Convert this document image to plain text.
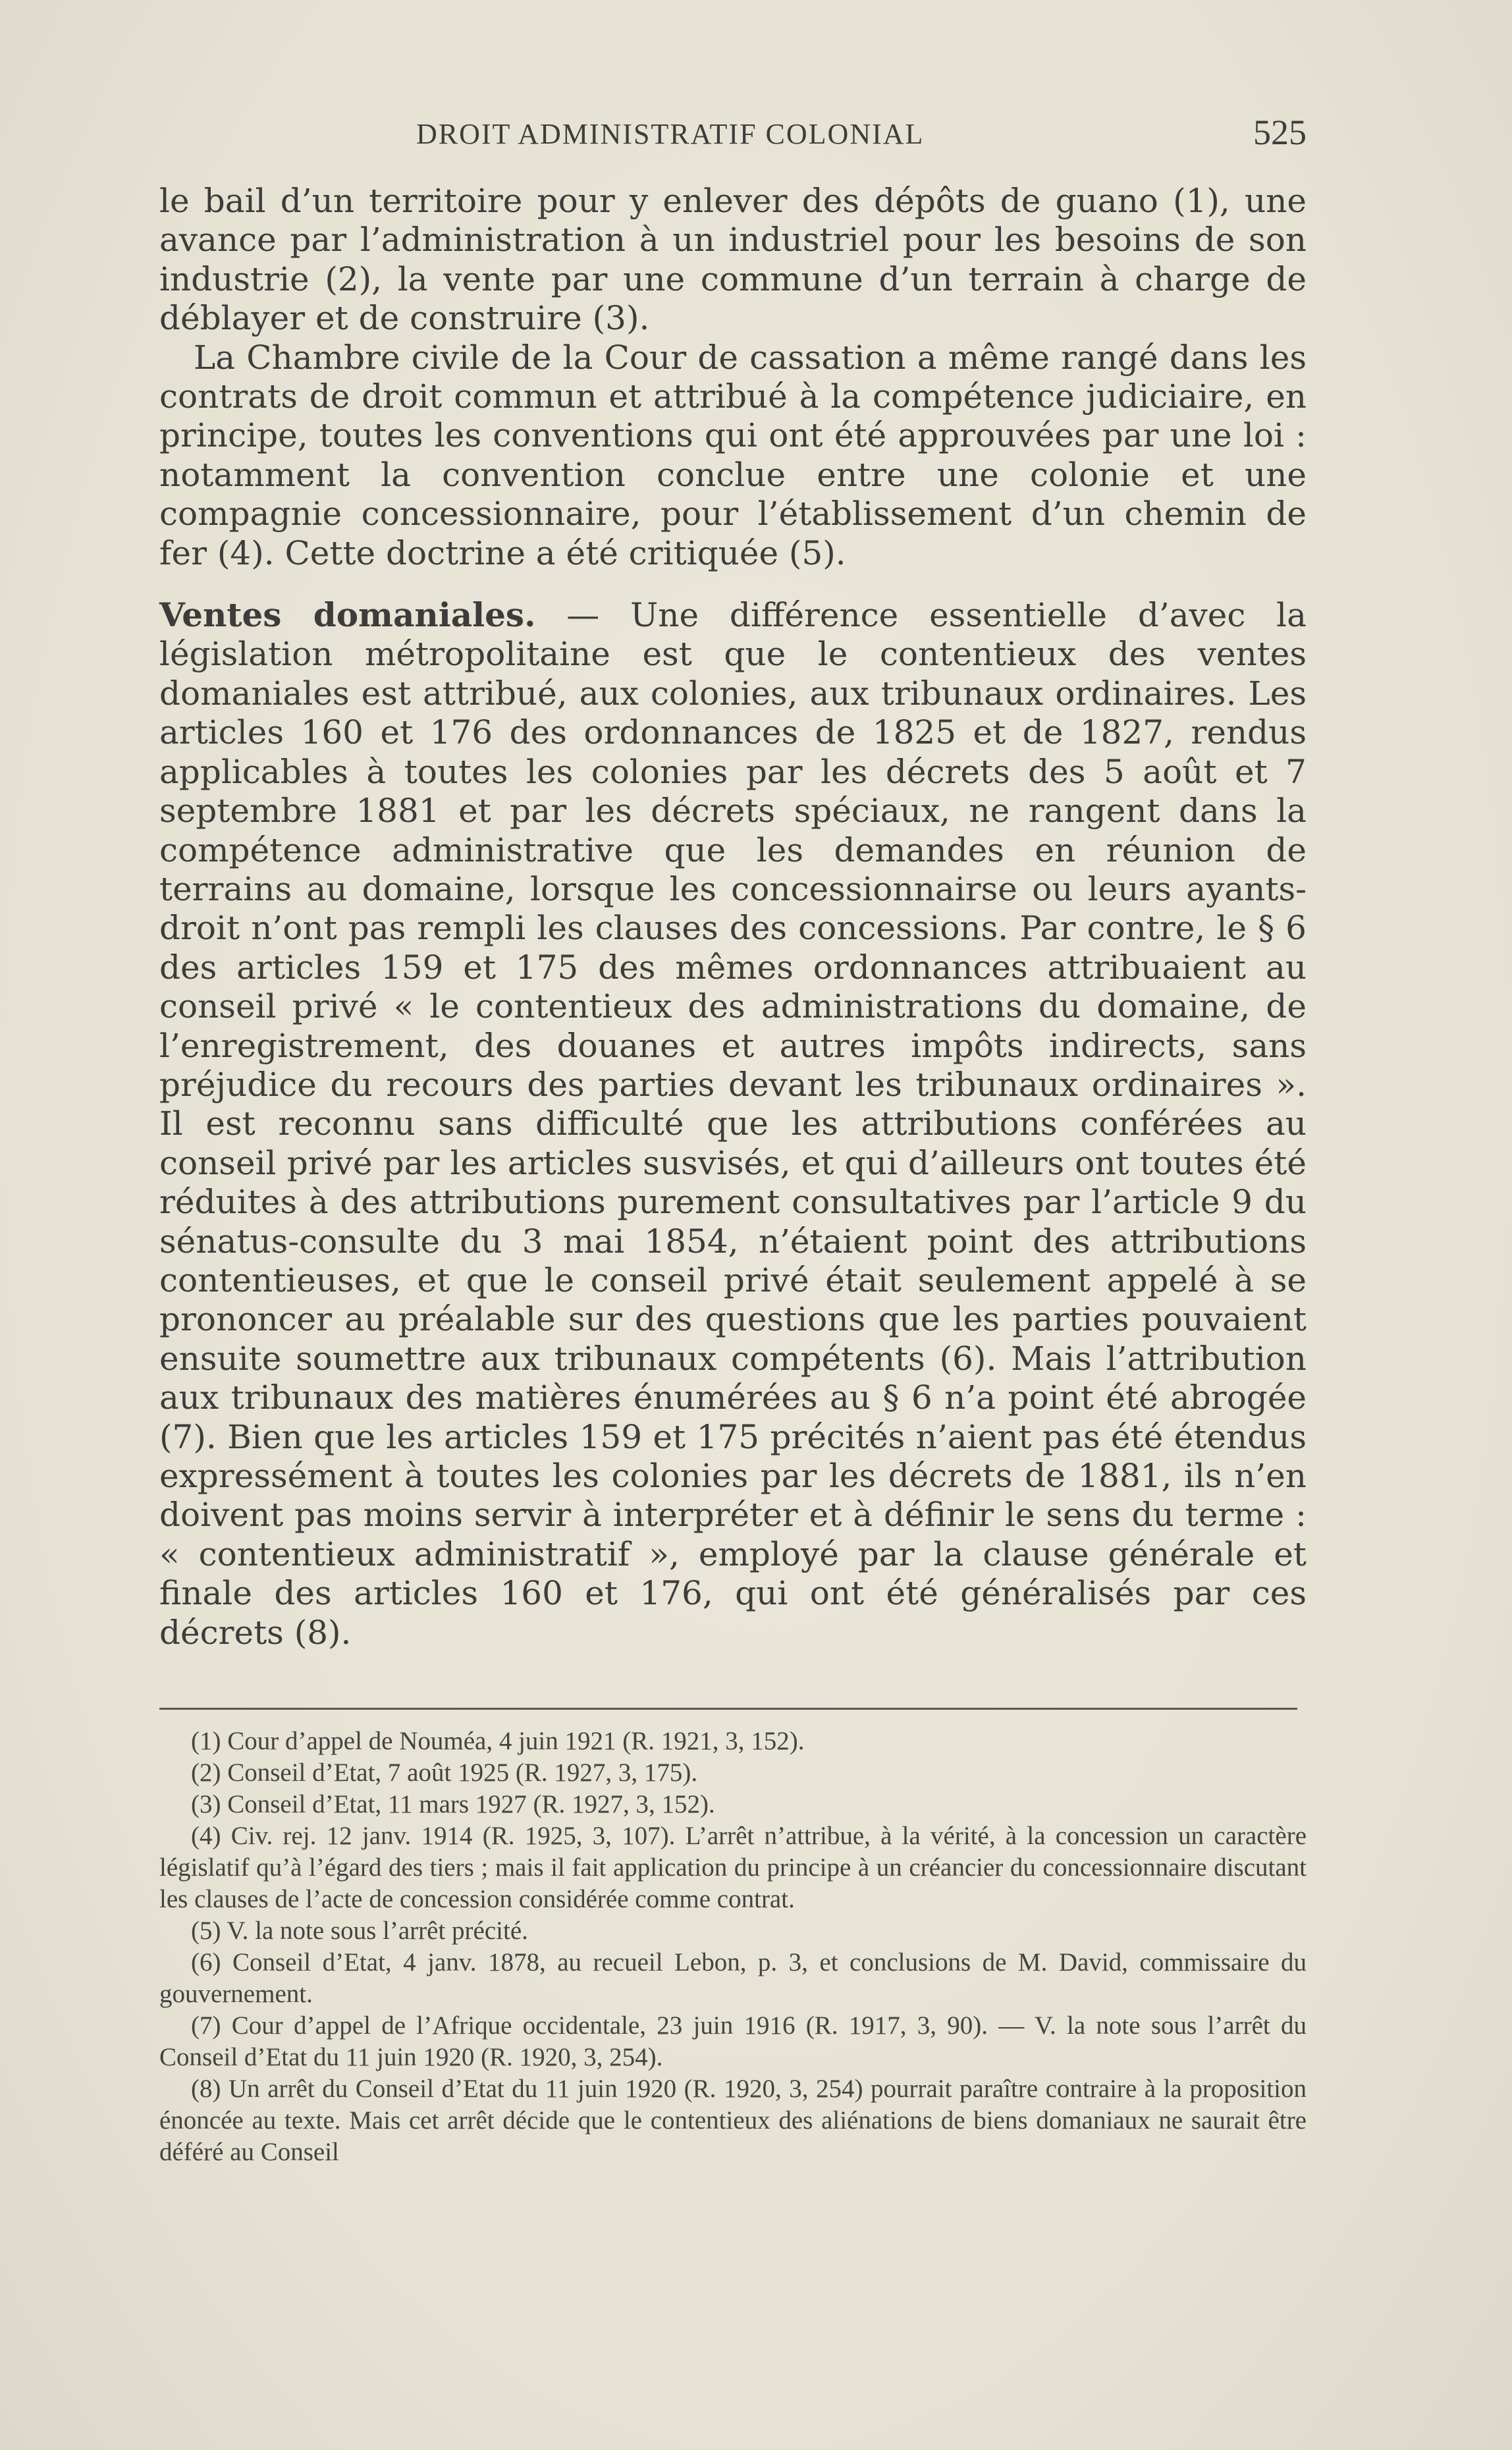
DROIT ADMINISTRATIF COLONIAL	525

le bail d’un territoire pour y enlever des dépôts de guano (1), une avance par l’administration à un industriel pour les besoins de son industrie (2), la vente par une commune d’un terrain à charge de déblayer et de construire (3).

La Chambre civile de la Cour de cassation a même rangé dans les contrats de droit commun et attribué à la compétence judiciaire, en principe, toutes les conventions qui ont été approuvées par une loi : notamment la convention conclue entre une colonie et une compagnie concessionnaire, pour l’établissement d’un chemin de fer (4). Cette doctrine a été critiquée (5).

Ventes domaniales. — Une différence essentielle d’avec la législation métropolitaine est que le contentieux des ventes domaniales est attribué, aux colonies, aux tribunaux ordinaires. Les articles 160 et 176 des ordonnances de 1825 et de 1827, rendus applicables à toutes les colonies par les décrets des 5 août et 7 septembre 1881 et par les décrets spéciaux, ne rangent dans la compétence administrative que les demandes en réunion de terrains au domaine, lorsque les concessionnairse ou leurs ayants-droit n’ont pas rempli les clauses des concessions. Par contre, le § 6 des articles 159 et 175 des mêmes ordonnances attribuaient au conseil privé « le contentieux des administrations du domaine, de l’enregistrement, des douanes et autres impôts indirects, sans préjudice du recours des parties devant les tribunaux ordinaires ». Il est reconnu sans difficulté que les attributions conférées au conseil privé par les articles susvisés, et qui d’ailleurs ont toutes été réduites à des attributions purement consultatives par l’article 9 du sénatus-consulte du 3 mai 1854, n’étaient point des attributions contentieuses, et que le conseil privé était seulement appelé à se prononcer au préalable sur des questions que les parties pouvaient ensuite soumettre aux tribunaux compétents (6). Mais l’attribution aux tribunaux des matières énumérées au § 6 n’a point été abrogée (7). Bien que les articles 159 et 175 précités n’aient pas été étendus expressément à toutes les colonies par les décrets de 1881, ils n’en doivent pas moins servir à interpréter et à définir le sens du terme : « contentieux administratif », employé par la clause générale et finale des articles 160 et 176, qui ont été généralisés par ces décrets (8).

(1) Cour d’appel de Nouméa, 4 juin 1921 (R. 1921, 3, 152).

(2) Conseil d’Etat, 7 août 1925 (R. 1927, 3, 175).

(3) Conseil d’Etat, 11 mars 1927 (R. 1927, 3, 152).

(4) Civ. rej. 12 janv. 1914 (R. 1925, 3, 107). L’arrêt n’attribue, à la vérité, à la concession un caractère législatif qu’à l’égard des tiers ; mais il fait application du principe à un créancier du concessionnaire discutant les clauses de l’acte de concession considérée comme contrat.

(5) V. la note sous l’arrêt précité.

(6) Conseil d’Etat, 4 janv. 1878, au recueil Lebon, p. 3, et conclusions de M. David, commissaire du gouvernement.

(7) Cour d’appel de l’Afrique occidentale, 23 juin 1916 (R. 1917, 3, 90). — V. la note sous l’arrêt du Conseil d’Etat du 11 juin 1920 (R. 1920, 3, 254).

(8) Un arrêt du Conseil d’Etat du 11 juin 1920 (R. 1920, 3, 254) pourrait paraître contraire à la proposition énoncée au texte. Mais cet arrêt décide que le contentieux des aliénations de biens domaniaux ne saurait être déféré au Conseil
